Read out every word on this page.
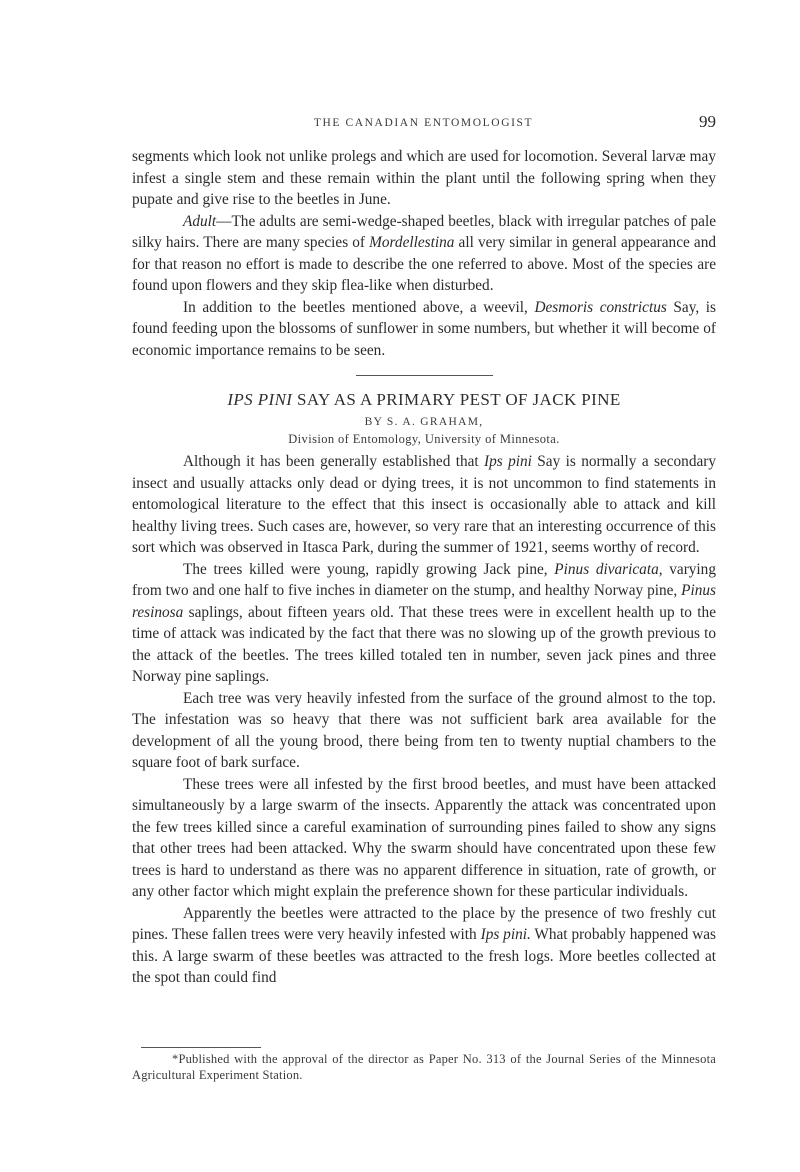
THE CANADIAN ENTOMOLOGIST	99

segments which look not unlike prolegs and which are used for locomotion. Several larvæ may infest a single stem and these remain within the plant until the following spring when they pupate and give rise to the beetles in June.

Adult—The adults are semi-wedge-shaped beetles, black with irregular patches of pale silky hairs. There are many species of Mordellestina all very similar in general appearance and for that reason no effort is made to describe the one referred to above. Most of the species are found upon flowers and they skip flea-like when disturbed.

In addition to the beetles mentioned above, a weevil, Desmoris constrictus Say, is found feeding upon the blossoms of sunflower in some numbers, but whether it will become of economic importance remains to be seen.

IPS PINI SAY AS A PRIMARY PEST OF JACK PINE
BY S. A. GRAHAM,
Division of Entomology, University of Minnesota.

Although it has been generally established that Ips pini Say is normally a secondary insect and usually attacks only dead or dying trees, it is not uncommon to find statements in entomological literature to the effect that this insect is occasionally able to attack and kill healthy living trees. Such cases are, however, so very rare that an interesting occurrence of this sort which was observed in Itasca Park, during the summer of 1921, seems worthy of record.

The trees killed were young, rapidly growing Jack pine, Pinus divaricata, varying from two and one half to five inches in diameter on the stump, and healthy Norway pine, Pinus resinosa saplings, about fifteen years old. That these trees were in excellent health up to the time of attack was indicated by the fact that there was no slowing up of the growth previous to the attack of the beetles. The trees killed totaled ten in number, seven jack pines and three Norway pine saplings.

Each tree was very heavily infested from the surface of the ground almost to the top. The infestation was so heavy that there was not sufficient bark area available for the development of all the young brood, there being from ten to twenty nuptial chambers to the square foot of bark surface.

These trees were all infested by the first brood beetles, and must have been attacked simultaneously by a large swarm of the insects. Apparently the attack was concentrated upon the few trees killed since a careful examination of surrounding pines failed to show any signs that other trees had been attacked. Why the swarm should have concentrated upon these few trees is hard to understand as there was no apparent difference in situation, rate of growth, or any other factor which might explain the preference shown for these particular individuals.

Apparently the beetles were attracted to the place by the presence of two freshly cut pines. These fallen trees were very heavily infested with Ips pini. What probably happened was this. A large swarm of these beetles was attracted to the fresh logs. More beetles collected at the spot than could find

*Published with the approval of the director as Paper No. 313 of the Journal Series of the Minnesota Agricultural Experiment Station.
